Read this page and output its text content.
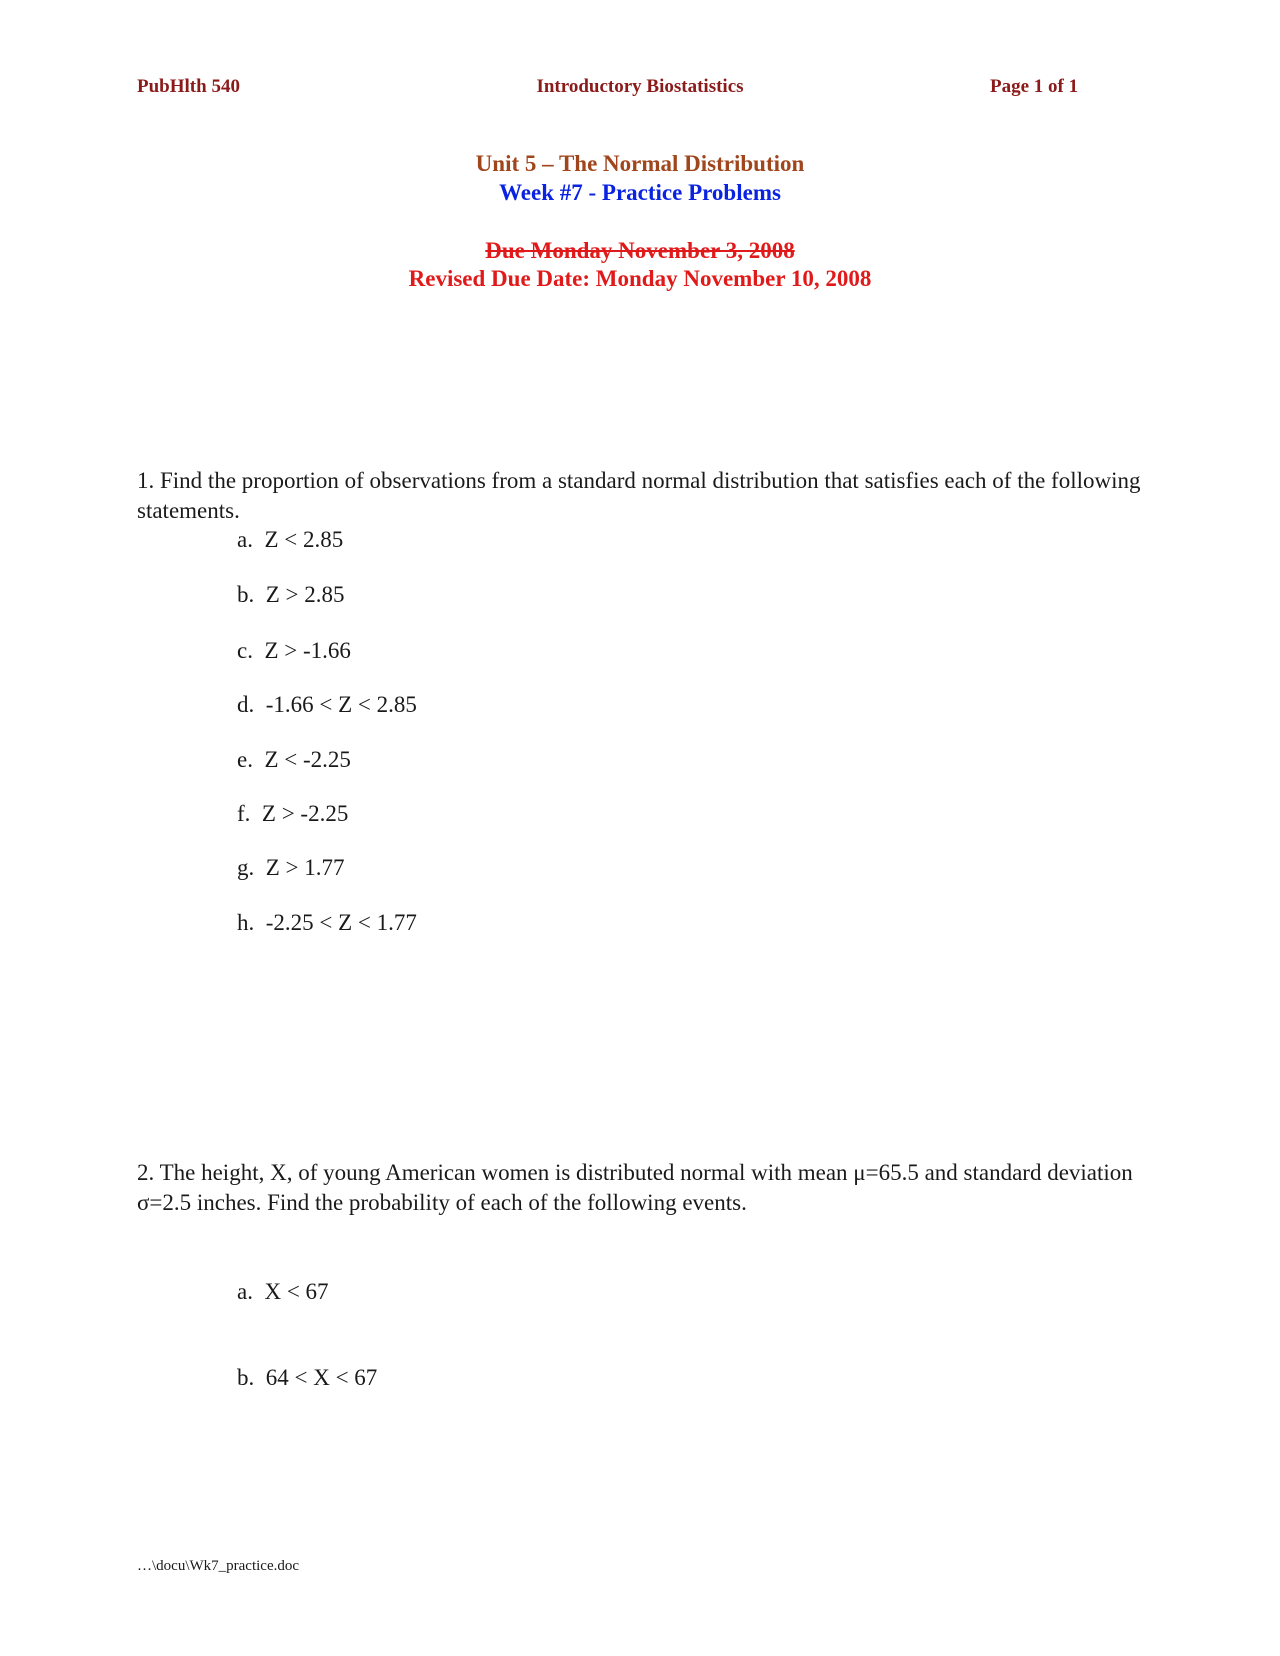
PubHlth 540	Introductory Biostatistics	Page 1 of 1
Unit 5 – The Normal Distribution
Week #7 - Practice Problems
Due Monday November 3, 2008
Revised Due Date: Monday November 10, 2008
1. Find the proportion of observations from a standard normal distribution that satisfies each of the following statements.
a.  Z < 2.85
b.  Z > 2.85
c.  Z > -1.66
d.  -1.66 < Z < 2.85
e.  Z < -2.25
f.  Z > -2.25
g.  Z > 1.77
h.  -2.25 < Z < 1.77
2. The height, X, of young American women is distributed normal with mean μ=65.5 and standard deviation σ=2.5 inches. Find the probability of each of the following events.
a.  X < 67
b.  64 < X < 67
…\docu\Wk7_practice.doc
